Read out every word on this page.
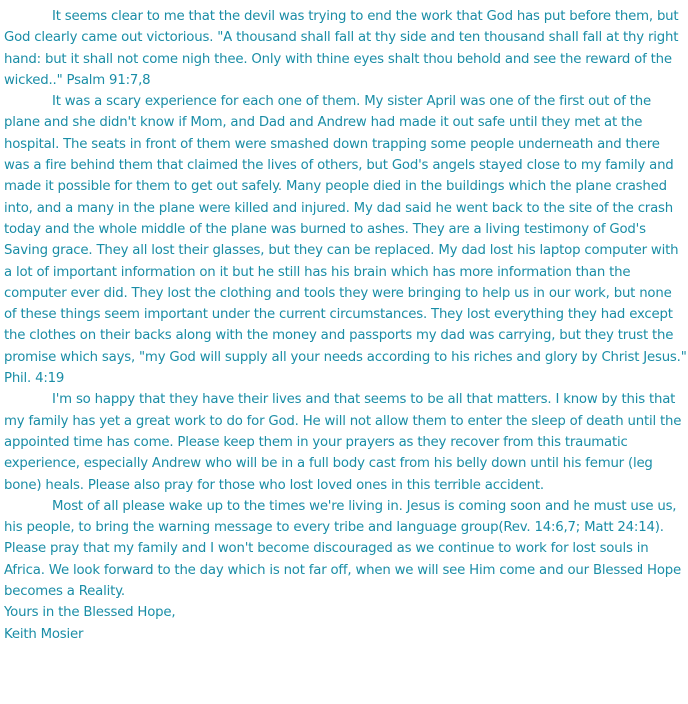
It seems clear to me that the devil was trying to end the work that God has put before them, but God clearly came out victorious. "A thousand shall fall at thy side and ten thousand shall fall at thy right hand: but it shall not come nigh thee. Only with thine eyes shalt thou behold and see the reward of the wicked.." Psalm 91:7,8

It was a scary experience for each one of them. My sister April was one of the first out of the plane and she didn't know if Mom, and Dad and Andrew had made it out safe until they met at the hospital. The seats in front of them were smashed down trapping some people underneath and there was a fire behind them that claimed the lives of others, but God's angels stayed close to my family and made it possible for them to get out safely. Many people died in the buildings which the plane crashed into, and a many in the plane were killed and injured. My dad said he went back to the site of the crash today and the whole middle of the plane was burned to ashes. They are a living testimony of God's Saving grace. They all lost their glasses, but they can be replaced. My dad lost his laptop computer with a lot of important information on it but he still has his brain which has more information than the computer ever did. They lost the clothing and tools they were bringing to help us in our work, but none of these things seem important under the current circumstances. They lost everything they had except the clothes on their backs along with the money and passports my dad was carrying, but they trust the promise which says, "my God will supply all your needs according to his riches and glory by Christ Jesus." Phil. 4:19

I'm so happy that they have their lives and that seems to be all that matters. I know by this that my family has yet a great work to do for God. He will not allow them to enter the sleep of death until the appointed time has come. Please keep them in your prayers as they recover from this traumatic experience, especially Andrew who will be in a full body cast from his belly down until his femur (leg bone) heals. Please also pray for those who lost loved ones in this terrible accident.

Most of all please wake up to the times we're living in. Jesus is coming soon and he must use us, his people, to bring the warning message to every tribe and language group(Rev. 14:6,7; Matt 24:14). Please pray that my family and I won't become discouraged as we continue to work for lost souls in Africa. We look forward to the day which is not far off, when we will see Him come and our Blessed Hope becomes a Reality.

Yours in the Blessed Hope,

Keith Mosier
